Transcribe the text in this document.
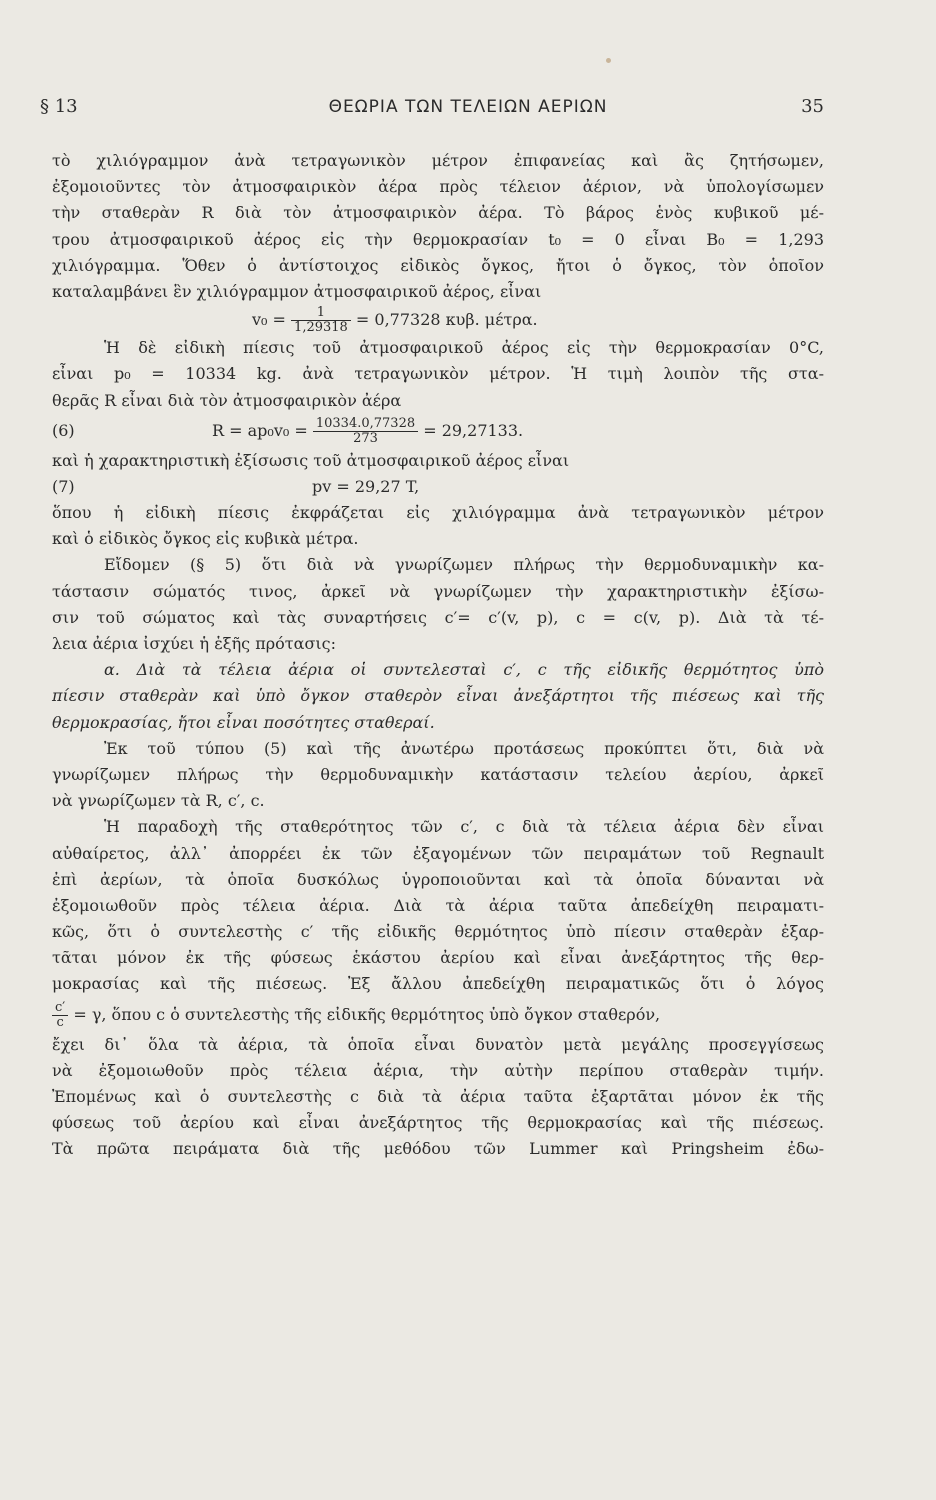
§ 13	ΘΕΩΡΙΑ ΤΩΝ ΤΕΛΕΙΩΝ ΑΕΡΙΩΝ	35
τὸ χιλιόγραμμον ἀνὰ τετραγωνικὸν μέτρον ἐπιφανείας καὶ ἂς ζητήσωμεν,
ἐξομοιοῦντες τὸν ἀτμοσφαιρικὸν ἀέρα πρὸς τέλειον ἀέριον, νὰ ὑπολογίσωμεν
τὴν σταθερὰν R διὰ τὸν ἀτμοσφαιρικὸν ἀέρα. Τὸ βάρος ἑνὸς κυβικοῦ μέ-
τρου ἀτμοσφαιρικοῦ ἀέρος εἰς τὴν θερμοκρασίαν t₀ = 0 εἶναι B₀ = 1,293
χιλιόγραμμα. Ὅθεν ὁ ἀντίστοιχος εἰδικὸς ὄγκος, ἤτοι ὁ ὄγκος, τὸν ὁποῖον
καταλαμβάνει ἓν χιλιόγραμμον ἀτμοσφαιρικοῦ ἀέρος, εἶναι
$v_0 = \frac{1}{1,29318} = 0,77328$ κυβ. μέτρα.
Ἡ δὲ εἰδικὴ πίεσις τοῦ ἀτμοσφαιρικοῦ ἀέρος εἰς τὴν θερμοκρασίαν 0°C,
εἶναι p₀ = 10334 kg. ἀνὰ τετραγωνικὸν μέτρον. Ἡ τιμὴ λοιπὸν τῆς στα-
θερᾶς R εἶναι διὰ τὸν ἀτμοσφαιρικὸν ἀέρα
(6)	$R = ap_0v_0 = \frac{10334.0,77328}{273} = 29,27133$.
καὶ ἡ χαρακτηριστικὴ ἐξίσωσις τοῦ ἀτμοσφαιρικοῦ ἀέρος εἶναι
(7)	pv = 29,27 T,
ὅπου ἡ εἰδικὴ πίεσις ἐκφράζεται εἰς χιλιόγραμμα ἀνὰ τετραγωνικὸν μέτρον
καὶ ὁ εἰδικὸς ὄγκος εἰς κυβικὰ μέτρα.
Εἴδομεν (§ 5) ὅτι διὰ νὰ γνωρίζωμεν πλήρως τὴν θερμοδυναμικὴν κα-
τάστασιν σώματός τινος, ἀρκεῖ νὰ γνωρίζωμεν τὴν χαρακτηριστικὴν ἐξίσω-
σιν τοῦ σώματος καὶ τὰς συναρτήσεις c′= c′(v, p), c = c(v, p). Διὰ τὰ τέ-
λεια ἀέρια ἰσχύει ἡ ἑξῆς πρότασις:
α. Διὰ τὰ τέλεια ἀέρια οἱ συντελεσταὶ c′, c τῆς εἰδικῆς θερμότητος ὑπὸ
πίεσιν σταθερὰν καὶ ὑπὸ ὄγκον σταθερὸν εἶναι ἀνεξάρτητοι τῆς πιέσεως καὶ τῆς
θερμοκρασίας, ἤτοι εἶναι ποσότητες σταθεραί.
Ἐκ τοῦ τύπου (5) καὶ τῆς ἀνωτέρω προτάσεως προκύπτει ὅτι, διὰ νὰ
γνωρίζωμεν πλήρως τὴν θερμοδυναμικὴν κατάστασιν τελείου ἀερίου, ἀρκεῖ
νὰ γνωρίζωμεν τὰ R, c′, c.
Ἡ παραδοχὴ τῆς σταθερότητος τῶν c′, c διὰ τὰ τέλεια ἀέρια δὲν εἶναι
αὐθαίρετος, ἀλλ᾽ ἀπορρέει ἐκ τῶν ἐξαγομένων τῶν πειραμάτων τοῦ Regnault
ἐπὶ ἀερίων, τὰ ὁποῖα δυσκόλως ὑγροποιοῦνται καὶ τὰ ὁποῖα δύνανται νὰ
ἐξομοιωθοῦν πρὸς τέλεια ἀέρια. Διὰ τὰ ἀέρια ταῦτα ἀπεδείχθη πειραματι-
κῶς, ὅτι ὁ συντελεστὴς c′ τῆς εἰδικῆς θερμότητος ὑπὸ πίεσιν σταθερὰν ἐξαρ-
τᾶται μόνον ἐκ τῆς φύσεως ἑκάστου ἀερίου καὶ εἶναι ἀνεξάρτητος τῆς θερ-
μοκρασίας καὶ τῆς πιέσεως. Ἐξ ἄλλου ἀπεδείχθη πειραματικῶς ὅτι ὁ λόγος
$\frac{c'}{c} = \gamma$, ὅπου c ὁ συντελεστὴς τῆς εἰδικῆς θερμότητος ὑπὸ ὄγκον σταθερόν,
ἔχει δι᾽ ὅλα τὰ ἀέρια, τὰ ὁποῖα εἶναι δυνατὸν μετὰ μεγάλης προσεγγίσεως
νὰ ἐξομοιωθοῦν πρὸς τέλεια ἀέρια, τὴν αὐτὴν περίπου σταθερὰν τιμήν.
Ἐπομένως καὶ ὁ συντελεστὴς c διὰ τὰ ἀέρια ταῦτα ἐξαρτᾶται μόνον ἐκ τῆς
φύσεως τοῦ ἀερίου καὶ εἶναι ἀνεξάρτητος τῆς θερμοκρασίας καὶ τῆς πιέσεως.
Τὰ πρῶτα πειράματα διὰ τῆς μεθόδου τῶν Lummer καὶ Pringsheim ἐδω-
